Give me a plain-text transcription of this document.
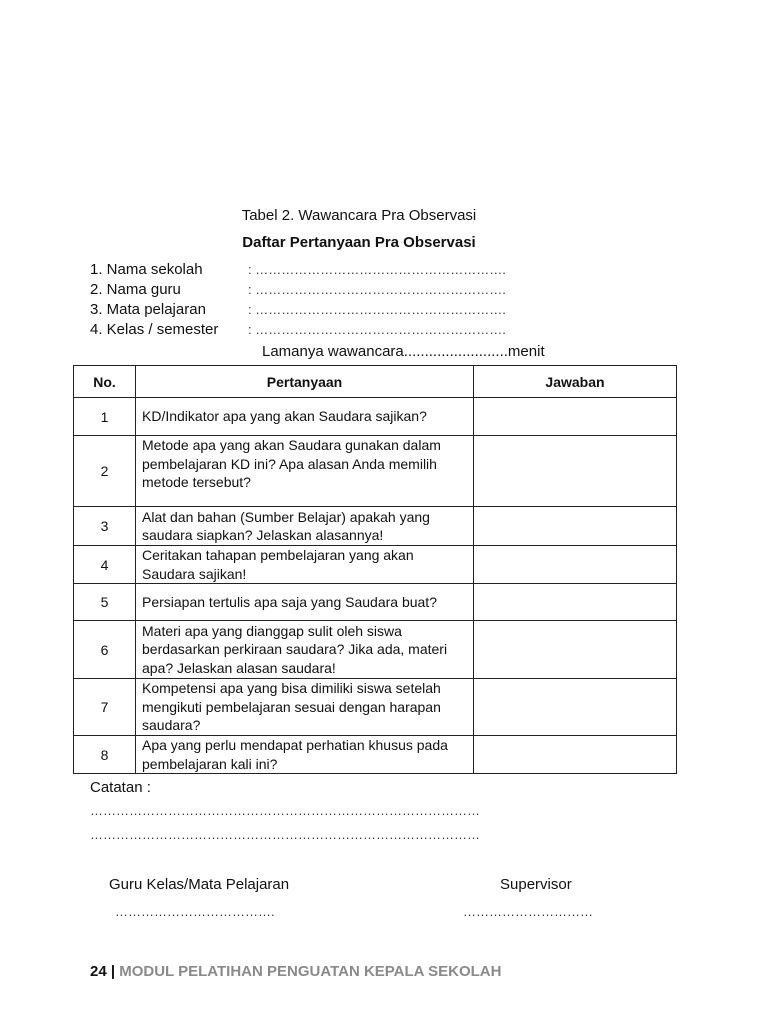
Tabel 2. Wawancara Pra Observasi
Daftar Pertanyaan Pra Observasi
1. Nama sekolah	: ………………………………………………….
2. Nama guru	: ………………………………………………….
3. Mata pelajaran	: ………………………………………………….
4. Kelas / semester : ………………………………………………….
Lamanya wawancara.........................menit
No.	Pertanyaan	Jawaban
1	KD/Indikator apa yang akan Saudara sajikan?	
2	Metode apa yang akan Saudara gunakan dalam pembelajaran KD ini? Apa alasan Anda memilih metode tersebut?	
3	Alat dan bahan (Sumber Belajar) apakah yang saudara siapkan? Jelaskan alasannya!	
4	Ceritakan tahapan pembelajaran yang akan Saudara sajikan!	
5	Persiapan tertulis apa saja yang Saudara buat?	
6	Materi apa yang dianggap sulit oleh siswa berdasarkan perkiraan saudara? Jika ada, materi apa? Jelaskan alasan saudara!	
7	Kompetensi apa yang bisa dimiliki siswa setelah mengikuti pembelajaran sesuai dengan harapan saudara?	
8	Apa yang perlu mendapat perhatian khusus pada pembelajaran kali ini?	
Catatan :
………………………………………………………………………………
………………………………………………………………………………
Guru Kelas/Mata Pelajaran
……………………………….
Supervisor
…………………………
24 | MODUL PELATIHAN PENGUATAN KEPALA SEKOLAH
